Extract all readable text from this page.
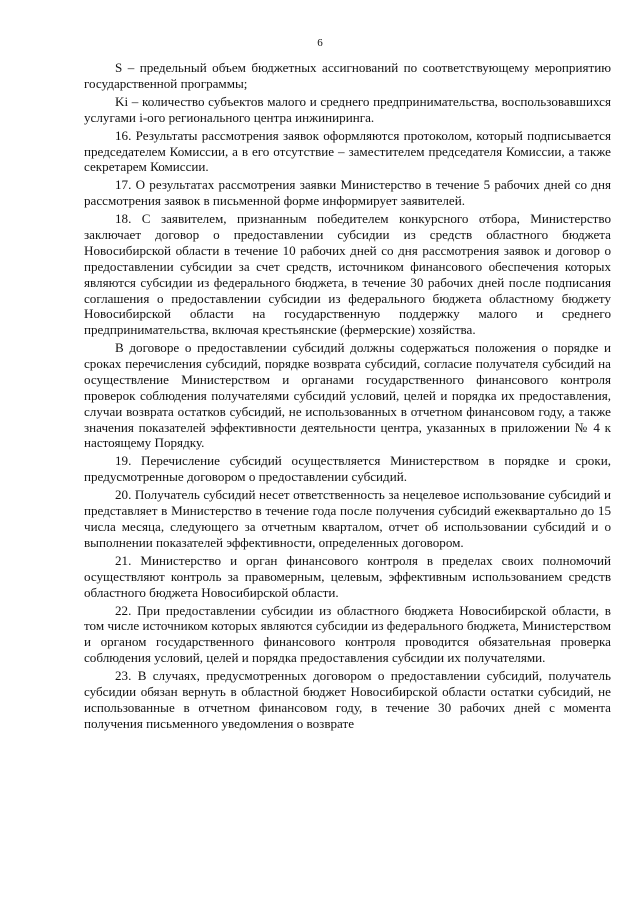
6

S – предельный объем бюджетных ассигнований по соответствующему мероприятию государственной программы;

Ki – количество субъектов малого и среднего предпринимательства, воспользовавшихся услугами i-ого регионального центра инжиниринга.

16. Результаты рассмотрения заявок оформляются протоколом, который подписывается председателем Комиссии, а в его отсутствие – заместителем председателя Комиссии, а также секретарем Комиссии.

17. О результатах рассмотрения заявки Министерство в течение 5 рабочих дней со дня рассмотрения заявок в письменной форме информирует заявителей.

18. С заявителем, признанным победителем конкурсного отбора, Министерство заключает договор о предоставлении субсидии из средств областного бюджета Новосибирской области в течение 10 рабочих дней со дня рассмотрения заявок и договор о предоставлении субсидии за счет средств, источником финансового обеспечения которых являются субсидии из федерального бюджета, в течение 30 рабочих дней после подписания соглашения о предоставлении субсидии из федерального бюджета областному бюджету Новосибирской области на государственную поддержку малого и среднего предпринимательства, включая крестьянские (фермерские) хозяйства.

В договоре о предоставлении субсидий должны содержаться положения о порядке и сроках перечисления субсидий, порядке возврата субсидий, согласие получателя субсидий на осуществление Министерством и органами государственного финансового контроля проверок соблюдения получателями субсидий условий, целей и порядка их предоставления, случаи возврата остатков субсидий, не использованных в отчетном финансовом году, а также значения показателей эффективности деятельности центра, указанных в приложении № 4 к настоящему Порядку.

19. Перечисление субсидий осуществляется Министерством в порядке и сроки, предусмотренные договором о предоставлении субсидий.

20. Получатель субсидий несет ответственность за нецелевое использование субсидий и представляет в Министерство в течение года после получения субсидий ежеквартально до 15 числа месяца, следующего за отчетным кварталом, отчет об использовании субсидий и о выполнении показателей эффективности, определенных договором.

21. Министерство и орган финансового контроля в пределах своих полномочий осуществляют контроль за правомерным, целевым, эффективным использованием средств областного бюджета Новосибирской области.

22. При предоставлении субсидии из областного бюджета Новосибирской области, в том числе источником которых являются субсидии из федерального бюджета, Министерством и органом государственного финансового контроля проводится обязательная проверка соблюдения условий, целей и порядка предоставления субсидии их получателями.

23. В случаях, предусмотренных договором о предоставлении субсидий, получатель субсидии обязан вернуть в областной бюджет Новосибирской области остатки субсидий, не использованные в отчетном финансовом году, в течение 30 рабочих дней с момента получения письменного уведомления о возврате
